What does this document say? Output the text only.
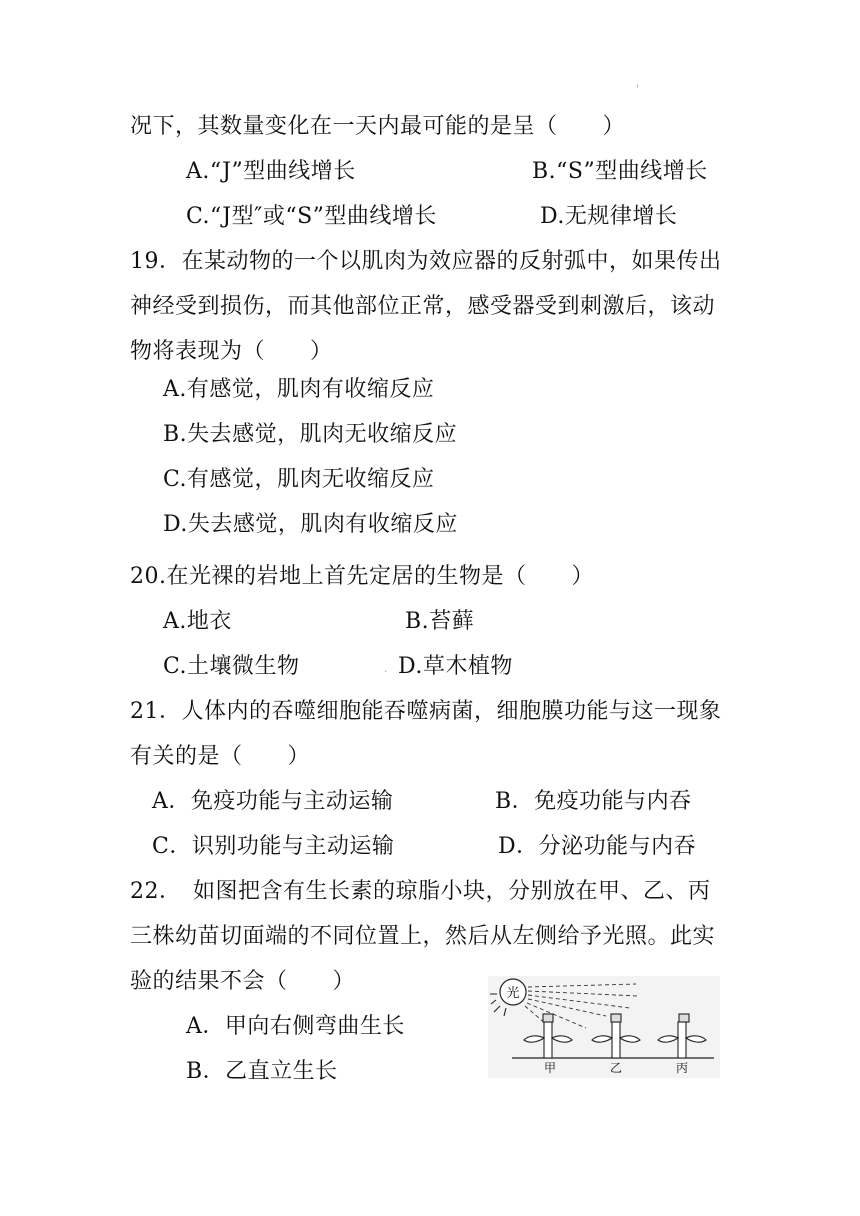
'
况下，其数量变化在一天内最可能的是呈（　　）
A.“J”型曲线增长	B.“S”型曲线增长
C.“J型″或“S”型曲线增长	D.无规律增长
19．在某动物的一个以肌肉为效应器的反射弧中，如果传出
神经受到损伤，而其他部位正常，感受器受到刺激后，该动
物将表现为（　　）
A.有感觉，肌肉有收缩反应
B.失去感觉，肌肉无收缩反应
C.有感觉，肌肉无收缩反应
D.失去感觉，肌肉有收缩反应
20.在光裸的岩地上首先定居的生物是（　　）
A.地衣	B.苔藓
C.土壤微生物	D.草木植物
.
21．人体内的吞噬细胞能吞噬病菌，细胞膜功能与这一现象
有关的是（　　）
A．免疫功能与主动运输	B．免疫功能与内吞
C．识别功能与主动运输	D．分泌功能与内吞
22．　如图把含有生长素的琼脂小块，分别放在甲、乙、丙
三株幼苗切面端的不同位置上，然后从左侧给予光照。此实
验的结果不会（　　）
A．甲向右侧弯曲生长
B．乙直立生长
光
甲	乙	丙
